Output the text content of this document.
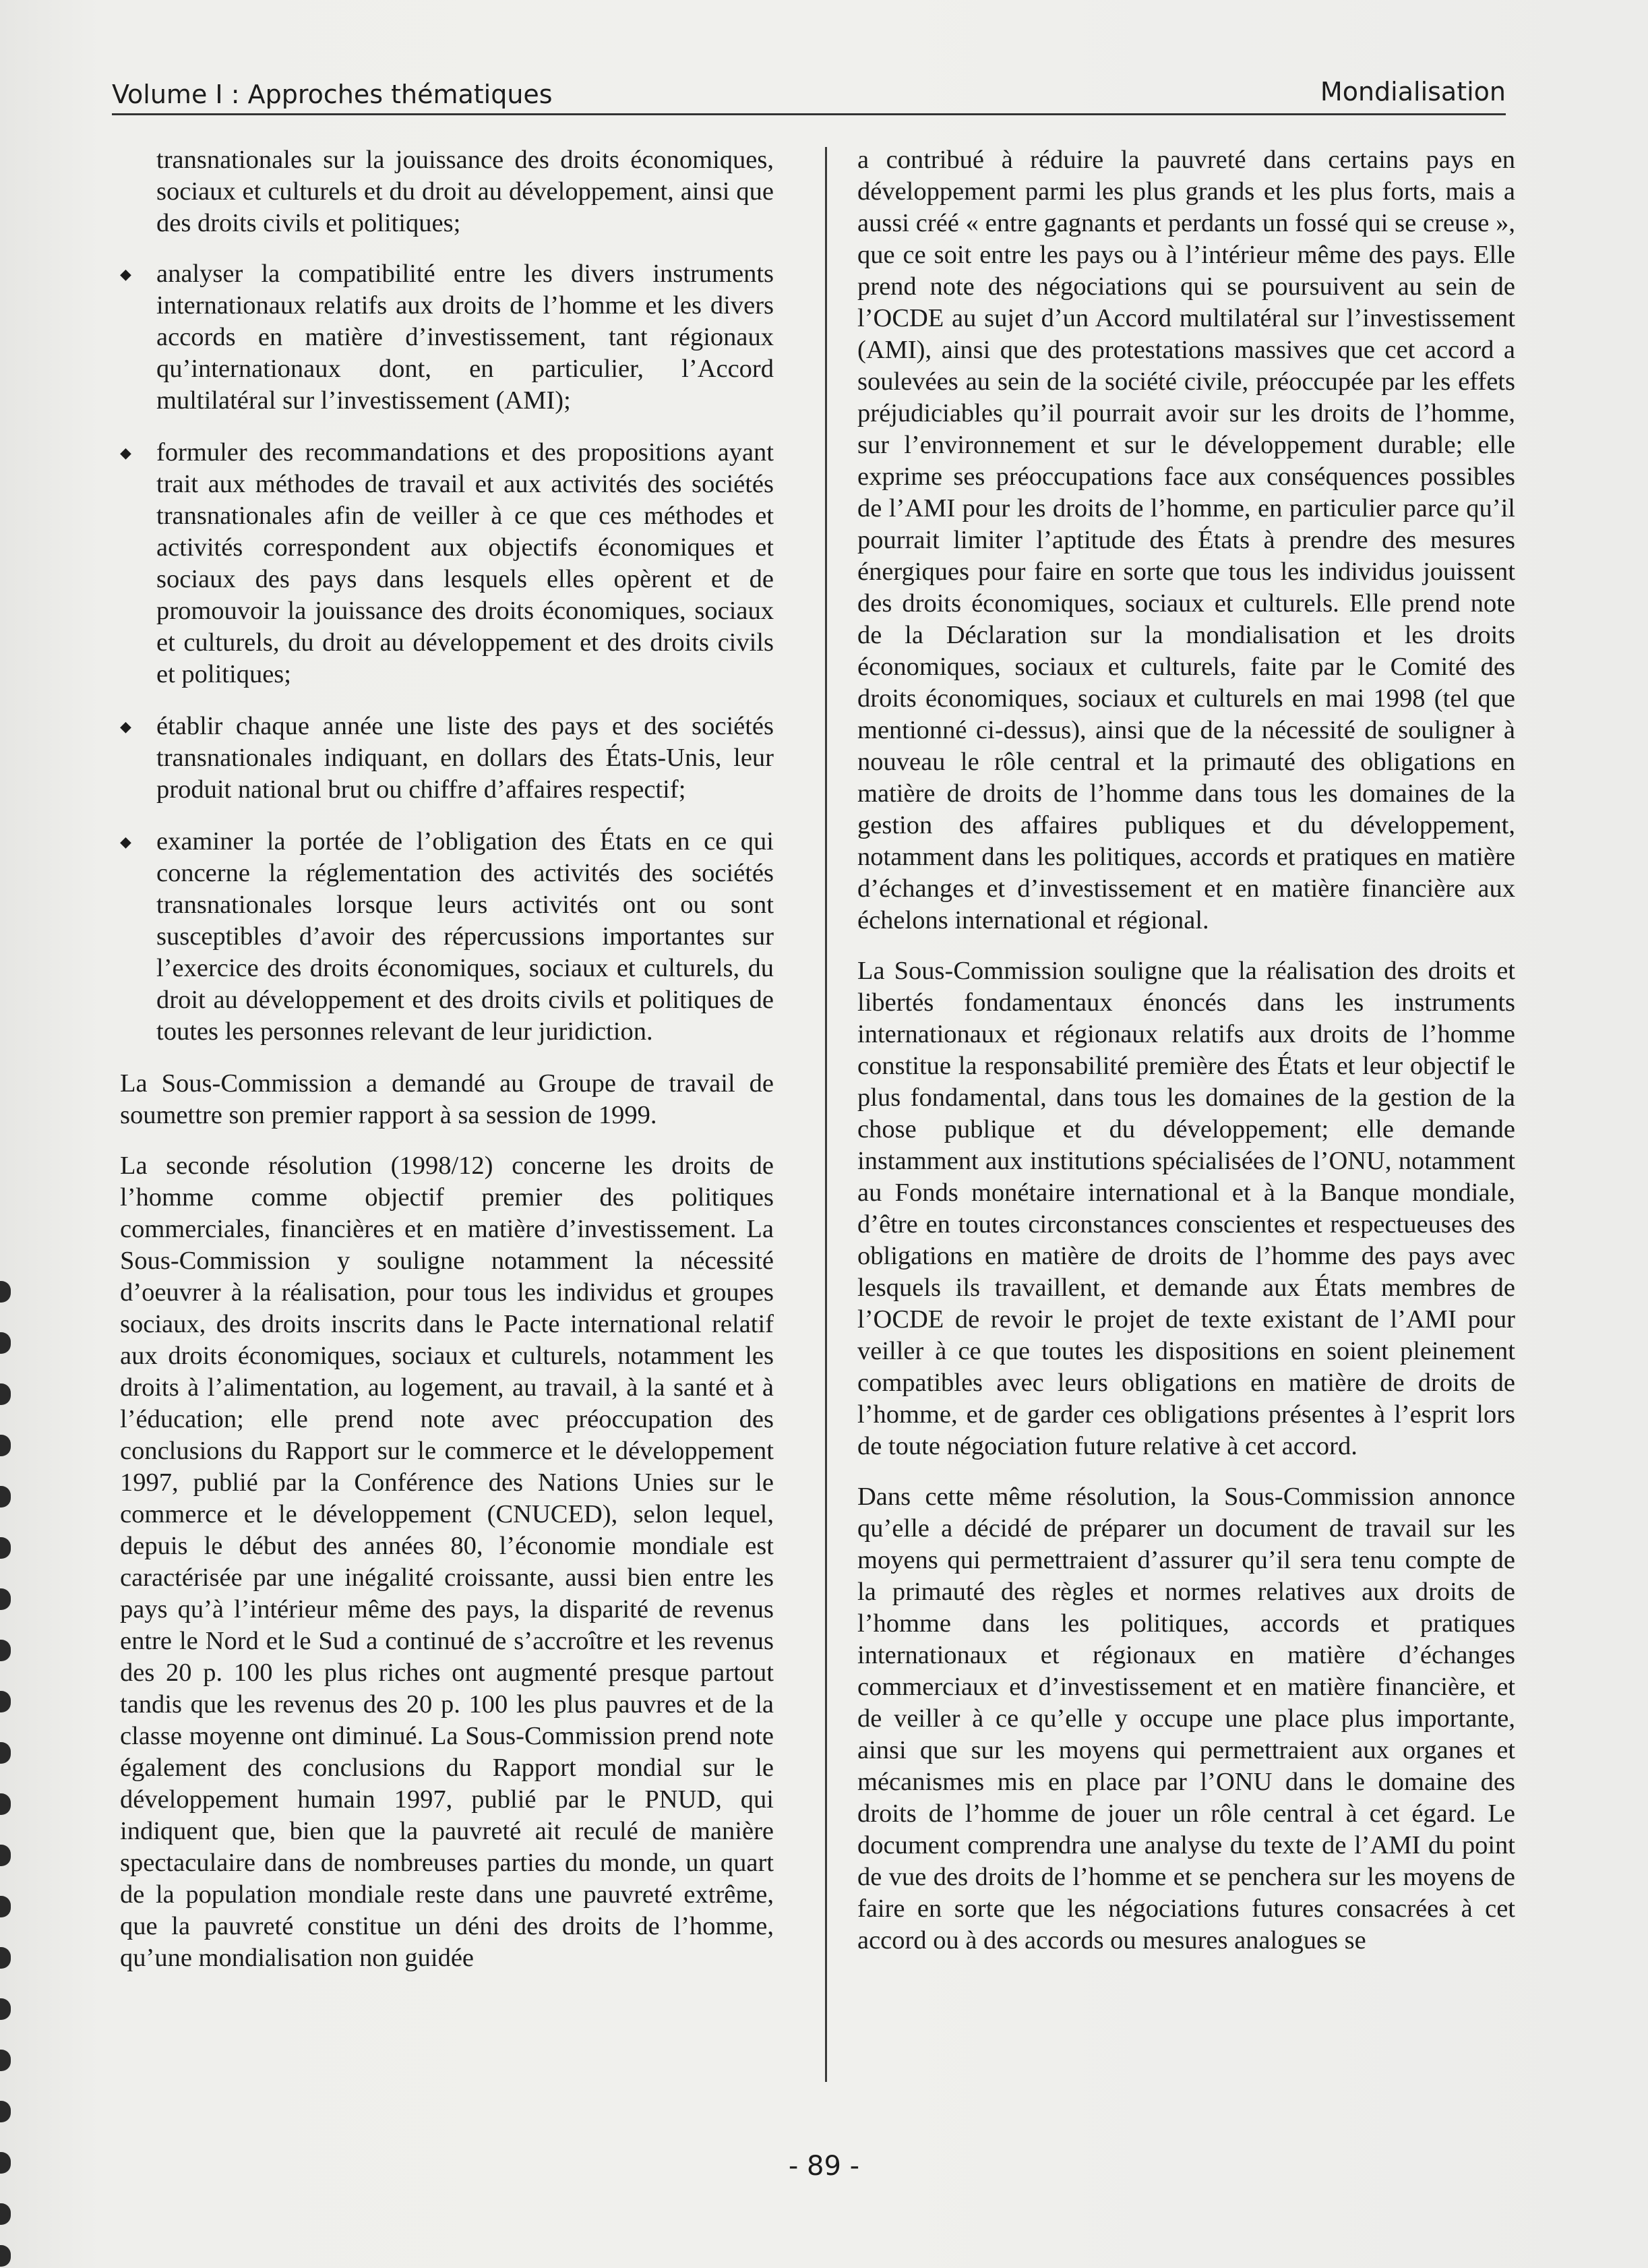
Volume I : Approches thématiques	Mondialisation

transnationales sur la jouissance des droits économiques, sociaux et culturels et du droit au développement, ainsi que des droits civils et politiques;

◆ analyser la compatibilité entre les divers instruments internationaux relatifs aux droits de l’homme et les divers accords en matière d’investissement, tant régionaux qu’internationaux dont, en particulier, l’Accord multilatéral sur l’investissement (AMI);
◆ formuler des recommandations et des propositions ayant trait aux méthodes de travail et aux activités des sociétés transnationales afin de veiller à ce que ces méthodes et activités correspondent aux objectifs économiques et sociaux des pays dans lesquels elles opèrent et de promouvoir la jouissance des droits économiques, sociaux et culturels, du droit au développement et des droits civils et politiques;
◆ établir chaque année une liste des pays et des sociétés transnationales indiquant, en dollars des États-Unis, leur produit national brut ou chiffre d’affaires respectif;
◆ examiner la portée de l’obligation des États en ce qui concerne la réglementation des activités des sociétés transnationales lorsque leurs activités ont ou sont susceptibles d’avoir des répercussions importantes sur l’exercice des droits économiques, sociaux et culturels, du droit au développement et des droits civils et politiques de toutes les personnes relevant de leur juridiction.

La Sous-Commission a demandé au Groupe de travail de soumettre son premier rapport à sa session de 1999.

La seconde résolution (1998/12) concerne les droits de l’homme comme objectif premier des politiques commerciales, financières et en matière d’investissement. La Sous-Commission y souligne notamment la nécessité d’oeuvrer à la réalisation, pour tous les individus et groupes sociaux, des droits inscrits dans le Pacte international relatif aux droits économiques, sociaux et culturels, notamment les droits à l’alimentation, au logement, au travail, à la santé et à l’éducation; elle prend note avec préoccupation des conclusions du Rapport sur le commerce et le développement 1997, publié par la Conférence des Nations Unies sur le commerce et le développement (CNUCED), selon lequel, depuis le début des années 80, l’économie mondiale est caractérisée par une inégalité croissante, aussi bien entre les pays qu’à l’intérieur même des pays, la disparité de revenus entre le Nord et le Sud a continué de s’accroître et les revenus des 20 p. 100 les plus riches ont augmenté presque partout tandis que les revenus des 20 p. 100 les plus pauvres et de la classe moyenne ont diminué. La Sous-Commission prend note également des conclusions du Rapport mondial sur le développement humain 1997, publié par le PNUD, qui indiquent que, bien que la pauvreté ait reculé de manière spectaculaire dans de nombreuses parties du monde, un quart de la population mondiale reste dans une pauvreté extrême, que la pauvreté constitue un déni des droits de l’homme, qu’une mondialisation non guidée

a contribué à réduire la pauvreté dans certains pays en développement parmi les plus grands et les plus forts, mais a aussi créé « entre gagnants et perdants un fossé qui se creuse », que ce soit entre les pays ou à l’intérieur même des pays. Elle prend note des négociations qui se poursuivent au sein de l’OCDE au sujet d’un Accord multilatéral sur l’investissement (AMI), ainsi que des protestations massives que cet accord a soulevées au sein de la société civile, préoccupée par les effets préjudiciables qu’il pourrait avoir sur les droits de l’homme, sur l’environnement et sur le développement durable; elle exprime ses préoccupations face aux conséquences possibles de l’AMI pour les droits de l’homme, en particulier parce qu’il pourrait limiter l’aptitude des États à prendre des mesures énergiques pour faire en sorte que tous les individus jouissent des droits économiques, sociaux et culturels. Elle prend note de la Déclaration sur la mondialisation et les droits économiques, sociaux et culturels, faite par le Comité des droits économiques, sociaux et culturels en mai 1998 (tel que mentionné ci-dessus), ainsi que de la nécessité de souligner à nouveau le rôle central et la primauté des obligations en matière de droits de l’homme dans tous les domaines de la gestion des affaires publiques et du développement, notamment dans les politiques, accords et pratiques en matière d’échanges et d’investissement et en matière financière aux échelons international et régional.

La Sous-Commission souligne que la réalisation des droits et libertés fondamentaux énoncés dans les instruments internationaux et régionaux relatifs aux droits de l’homme constitue la responsabilité première des États et leur objectif le plus fondamental, dans tous les domaines de la gestion de la chose publique et du développement; elle demande instamment aux institutions spécialisées de l’ONU, notamment au Fonds monétaire international et à la Banque mondiale, d’être en toutes circonstances conscientes et respectueuses des obligations en matière de droits de l’homme des pays avec lesquels ils travaillent, et demande aux États membres de l’OCDE de revoir le projet de texte existant de l’AMI pour veiller à ce que toutes les dispositions en soient pleinement compatibles avec leurs obligations en matière de droits de l’homme, et de garder ces obligations présentes à l’esprit lors de toute négociation future relative à cet accord.

Dans cette même résolution, la Sous-Commission annonce qu’elle a décidé de préparer un document de travail sur les moyens qui permettraient d’assurer qu’il sera tenu compte de la primauté des règles et normes relatives aux droits de l’homme dans les politiques, accords et pratiques internationaux et régionaux en matière d’échanges commerciaux et d’investissement et en matière financière, et de veiller à ce qu’elle y occupe une place plus importante, ainsi que sur les moyens qui permettraient aux organes et mécanismes mis en place par l’ONU dans le domaine des droits de l’homme de jouer un rôle central à cet égard. Le document comprendra une analyse du texte de l’AMI du point de vue des droits de l’homme et se penchera sur les moyens de faire en sorte que les négociations futures consacrées à cet accord ou à des accords ou mesures analogues se

- 89 -
